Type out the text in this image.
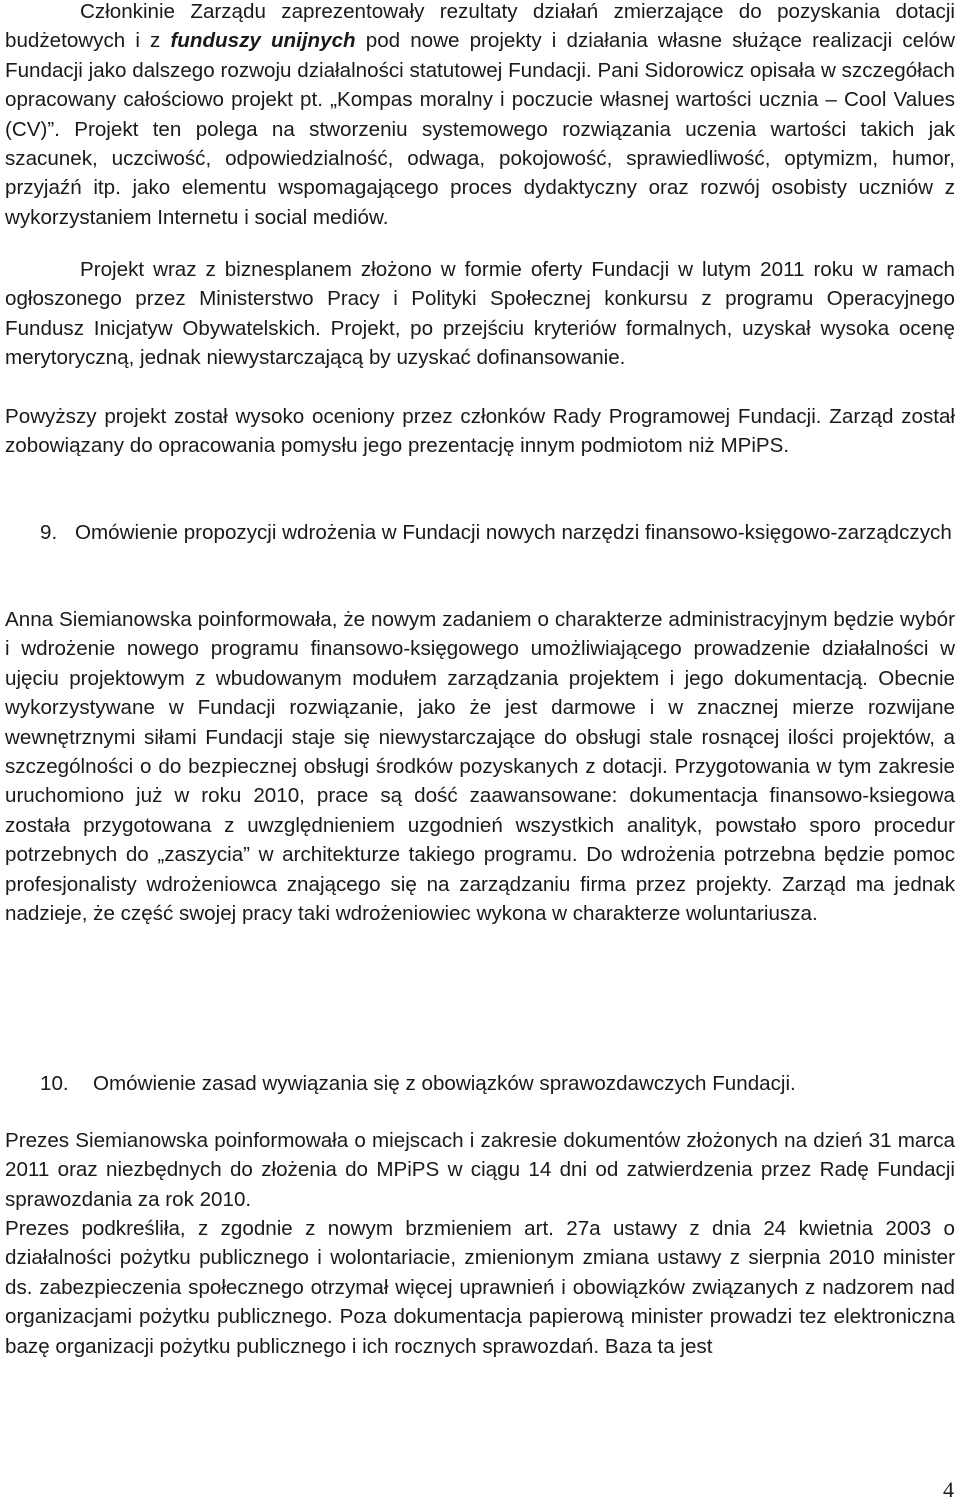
Członkinie Zarządu zaprezentowały rezultaty działań zmierzające do pozyskania dotacji budżetowych i z funduszy unijnych pod nowe projekty i działania własne służące realizacji celów Fundacji jako dalszego rozwoju działalności statutowej Fundacji. Pani Sidorowicz opisała w szczegółach opracowany całościowo projekt pt. „Kompas moralny i poczucie własnej wartości ucznia – Cool Values (CV)”. Projekt ten polega na stworzeniu systemowego rozwiązania uczenia wartości takich jak szacunek, uczciwość, odpowiedzialność, odwaga, pokojowość, sprawiedliwość, optymizm, humor, przyjaźń itp. jako elementu wspomagającego proces dydaktyczny oraz rozwój osobisty uczniów z wykorzystaniem Internetu i social mediów.

Projekt wraz z biznesplanem złożono w formie oferty Fundacji w lutym 2011 roku w ramach ogłoszonego przez Ministerstwo Pracy i Polityki Społecznej konkursu z programu Operacyjnego Fundusz Inicjatyw Obywatelskich. Projekt, po przejściu kryteriów formalnych, uzyskał wysoka ocenę merytoryczną, jednak niewystarczającą by uzyskać dofinansowanie.

Powyższy projekt został wysoko oceniony przez członków Rady Programowej Fundacji. Zarząd został zobowiązany do opracowania pomysłu jego prezentację innym podmiotom niż MPiPS.

9. Omówienie propozycji wdrożenia w Fundacji nowych narzędzi finansowo-księgowo-zarządczych

Anna Siemianowska poinformowała, że nowym zadaniem o charakterze administracyjnym będzie wybór i wdrożenie nowego programu finansowo-księgowego umożliwiającego prowadzenie działalności w ujęciu projektowym z wbudowanym modułem zarządzania projektem i jego dokumentacją. Obecnie wykorzystywane w Fundacji rozwiązanie, jako że jest darmowe i w znacznej mierze rozwijane wewnętrznymi siłami Fundacji staje się niewystarczające do obsługi stale rosnącej ilości projektów, a szczególności o do bezpiecznej obsługi środków pozyskanych z dotacji. Przygotowania w tym zakresie uruchomiono już w roku 2010, prace są dość zaawansowane: dokumentacja finansowo-ksiegowa została przygotowana z uwzględnieniem uzgodnień wszystkich analityk, powstało sporo procedur potrzebnych do „zaszycia” w architekturze takiego programu. Do wdrożenia potrzebna będzie pomoc profesjonalisty wdrożeniowca znającego się na zarządzaniu firma przez projekty. Zarząd ma jednak nadzieje, że część swojej pracy taki wdrożeniowiec wykona w charakterze woluntariusza.

10. Omówienie zasad wywiązania się z obowiązków sprawozdawczych Fundacji.

Prezes Siemianowska poinformowała o miejscach i zakresie dokumentów złożonych na dzień 31 marca 2011 oraz niezbędnych do złożenia do MPiPS w ciągu 14 dni od zatwierdzenia przez Radę Fundacji sprawozdania za rok 2010.

Prezes podkreśliła, z zgodnie z nowym brzmieniem art. 27a ustawy z dnia 24 kwietnia 2003 o działalności pożytku publicznego i wolontariacie, zmienionym zmiana ustawy z sierpnia 2010 minister ds. zabezpieczenia społecznego otrzymał więcej uprawnień i obowiązków związanych z nadzorem nad organizacjami pożytku publicznego. Poza dokumentacja papierową minister prowadzi tez elektroniczna bazę organizacji pożytku publicznego i ich rocznych sprawozdań. Baza ta jest

4
